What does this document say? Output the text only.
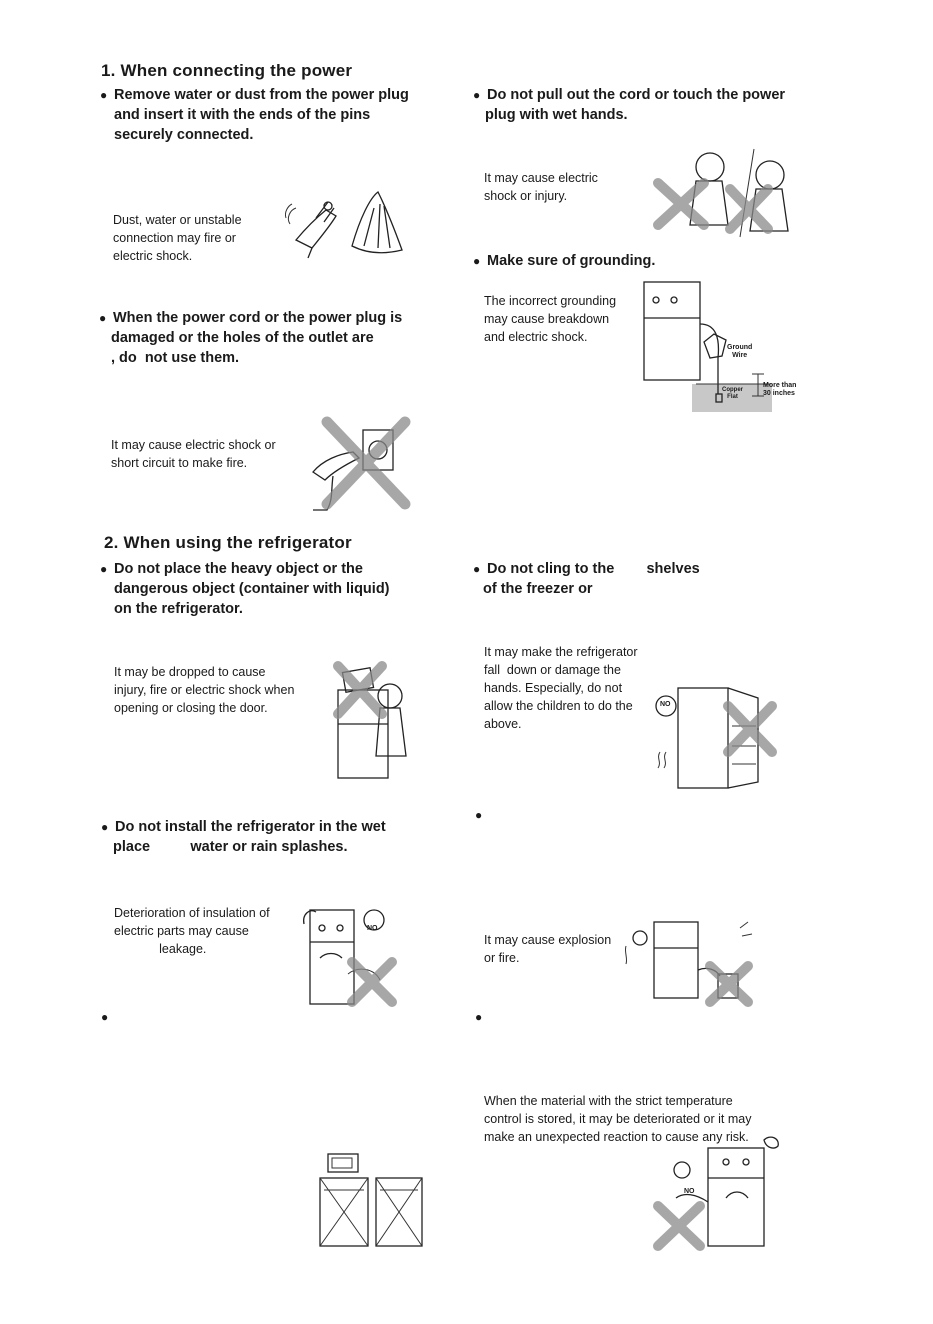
1. When connecting the power
● Remove water or dust from the power plug
and insert it with the ends of the pins
securely connected.
Dust, water or unstable
connection may fire or
electric shock.
● When the power cord or the power plug is
damaged or the holes of the outlet are
, do  not use them.
It may cause electric shock or
short circuit to make fire.
● Do not pull out the cord or touch the power
plug with wet hands.
It may cause electric
shock or injury.
● Make sure of grounding.
The incorrect grounding
may cause breakdown
and electric shock.
Ground
Wire
Copper
Flat
More than
30 inches
2. When using the refrigerator
● Do not place the heavy object or the
dangerous object (container with liquid)
on the refrigerator.
It may be dropped to cause
injury, fire or electric shock when
opening or closing the door.
● Do not cling to the        shelves
of the freezer or
It may make the refrigerator
fall  down or damage the
hands. Especially, do not
allow the children to do the
above.
NO
● Do not install the refrigerator in the wet
place          water or rain splashes.
Deterioration of insulation of
electric parts may cause
leakage.
NO
●
It may cause explosion
or fire.
●	●
When the material with the strict temperature
control is stored, it may be deteriorated or it may
make an unexpected reaction to cause any risk.
NO
